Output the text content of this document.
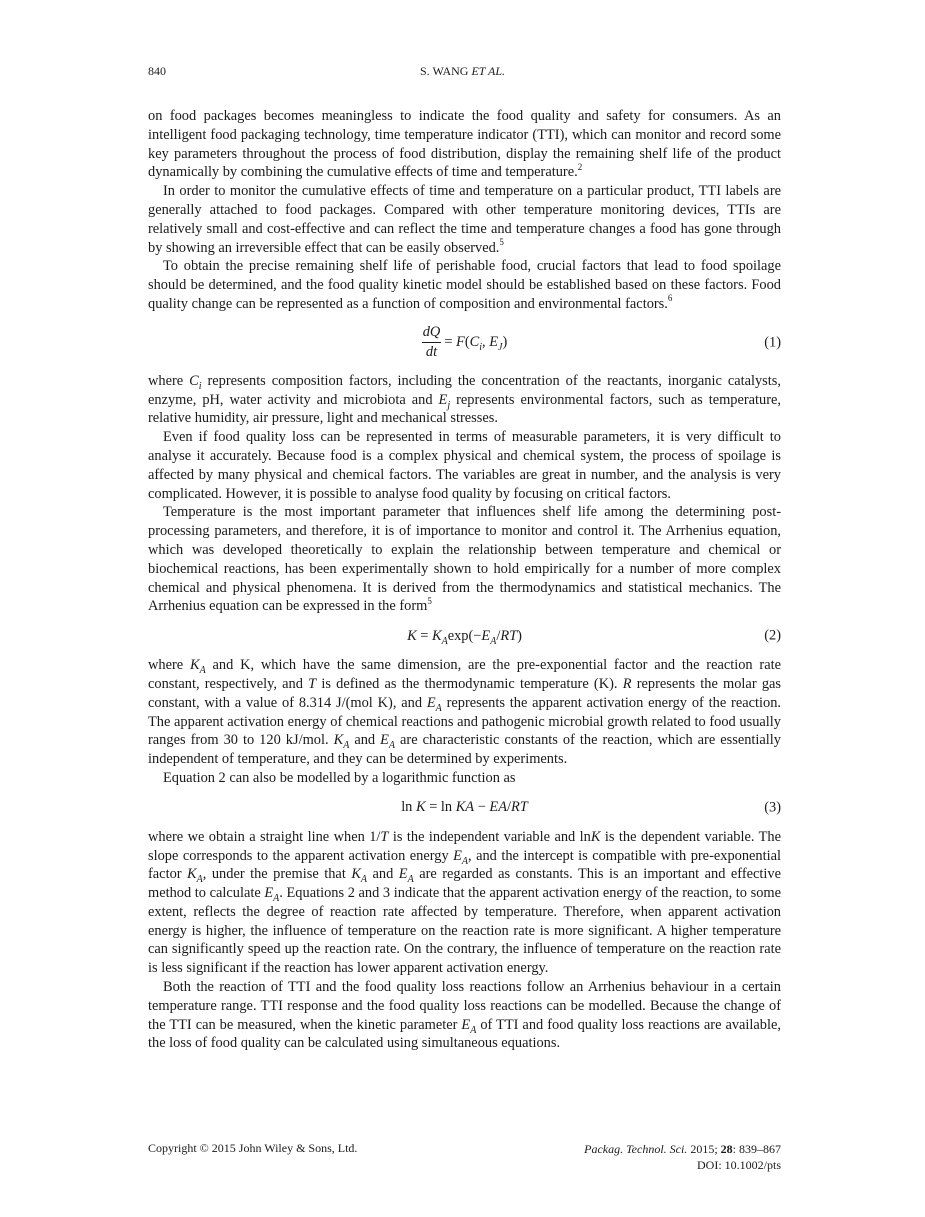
840	S. WANG ET AL.

on food packages becomes meaningless to indicate the food quality and safety for consumers. As an intelligent food packaging technology, time temperature indicator (TTI), which can monitor and record some key parameters throughout the process of food distribution, display the remaining shelf life of the product dynamically by combining the cumulative effects of time and temperature.$^2$

In order to monitor the cumulative effects of time and temperature on a particular product, TTI labels are generally attached to food packages. Compared with other temperature monitoring devices, TTIs are relatively small and cost-effective and can reflect the time and temperature changes a food has gone through by showing an irreversible effect that can be easily observed.$^5$

To obtain the precise remaining shelf life of perishable food, crucial factors that lead to food spoilage should be determined, and the food quality kinetic model should be established based on these factors. Food quality change can be represented as a function of composition and environmental factors.$^6$

$\frac{dQ}{dt} = F(C_i$, $E_J$)	(1)

where $C_i$ represents composition factors, including the concentration of the reactants, inorganic catalysts, enzyme, pH, water activity and microbiota and $E_j$ represents environmental factors, such as temperature, relative humidity, air pressure, light and mechanical stresses.

Even if food quality loss can be represented in terms of measurable parameters, it is very difficult to analyse it accurately. Because food is a complex physical and chemical system, the process of spoilage is affected by many physical and chemical factors. The variables are great in number, and the analysis is very complicated. However, it is possible to analyse food quality by focusing on critical factors.

Temperature is the most important parameter that influences shelf life among the determining post-processing parameters, and therefore, it is of importance to monitor and control it. The Arrhenius equation, which was developed theoretically to explain the relationship between temperature and chemical or biochemical reactions, has been experimentally shown to hold empirically for a number of more complex chemical and physical phenomena. It is derived from the thermodynamics and statistical mechanics. The Arrhenius equation can be expressed in the form$^5$

$K = K_A\exp(-E_A/RT)$	(2)

where $K_A$ and K, which have the same dimension, are the pre-exponential factor and the reaction rate constant, respectively, and T is defined as the thermodynamic temperature (K). R represents the molar gas constant, with a value of 8.314 J/(mol K), and $E_A$ represents the apparent activation energy of the reaction. The apparent activation energy of chemical reactions and pathogenic microbial growth related to food usually ranges from 30 to 120 kJ/mol. $K_A$ and $E_A$ are characteristic constants of the reaction, which are essentially independent of temperature, and they can be determined by experiments.

Equation 2 can also be modelled by a logarithmic function as

ln K = ln KA − EA/RT	(3)

where we obtain a straight line when 1/T is the independent variable and lnK is the dependent variable. The slope corresponds to the apparent activation energy $E_A$, and the intercept is compatible with pre-exponential factor $K_A$, under the premise that $K_A$ and $E_A$ are regarded as constants. This is an important and effective method to calculate $E_A$. Equations 2 and 3 indicate that the apparent activation energy of the reaction, to some extent, reflects the degree of reaction rate affected by temperature. Therefore, when apparent activation energy is higher, the influence of temperature on the reaction rate is more significant. A higher temperature can significantly speed up the reaction rate. On the contrary, the influence of temperature on the reaction rate is less significant if the reaction has lower apparent activation energy.

Both the reaction of TTI and the food quality loss reactions follow an Arrhenius behaviour in a certain temperature range. TTI response and the food quality loss reactions can be modelled. Because the change of the TTI can be measured, when the kinetic parameter $E_A$ of TTI and food quality loss reactions are available, the loss of food quality can be calculated using simultaneous equations.

Copyright © 2015 John Wiley & Sons, Ltd.	Packag. Technol. Sci. 2015; 28: 839–867
DOI: 10.1002/pts
